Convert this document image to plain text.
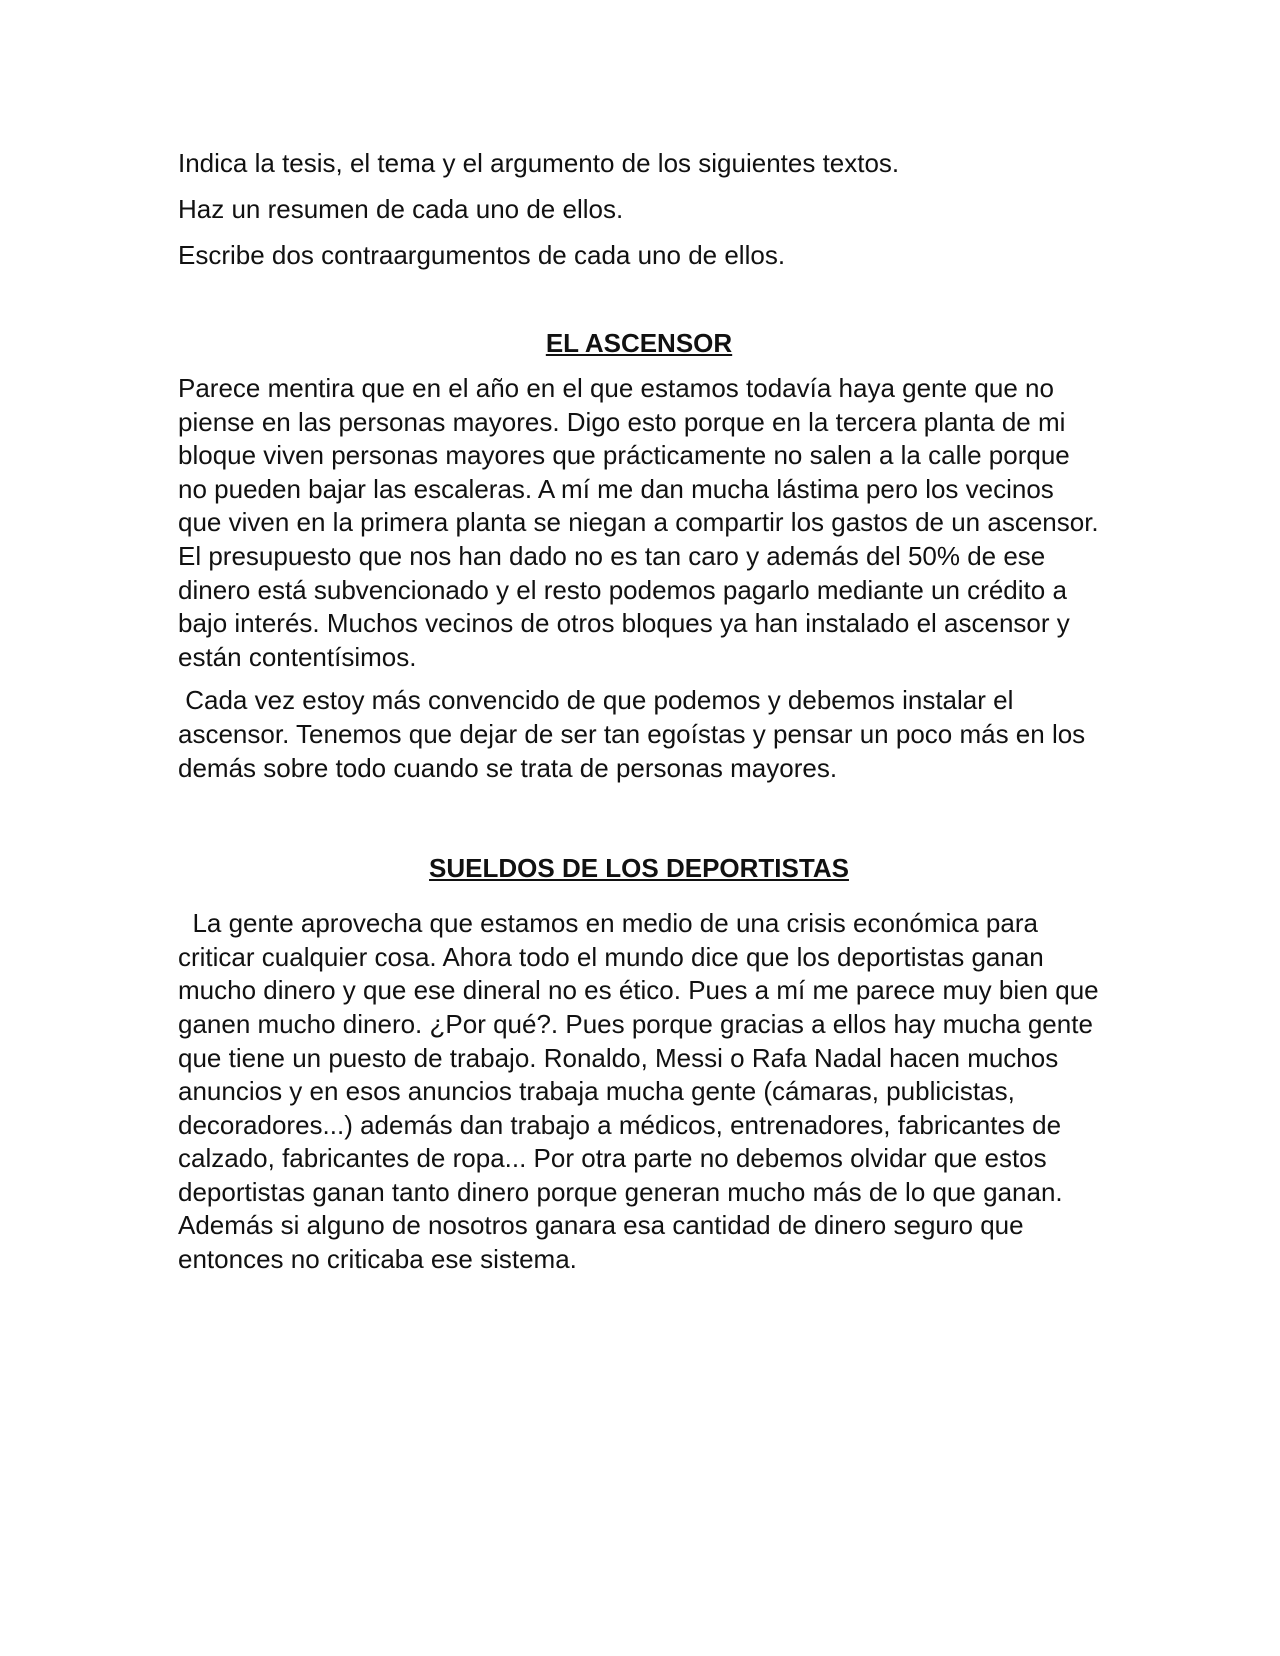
Indica la tesis, el tema y el argumento de los siguientes textos.

Haz un resumen de cada uno de ellos.

Escribe dos contraargumentos de cada uno de ellos.

EL ASCENSOR

Parece mentira que en el año en el que estamos todavía haya gente que no piense en las personas mayores. Digo esto porque en la tercera planta de mi bloque viven personas mayores que prácticamente no salen a la calle porque no pueden bajar las escaleras. A mí me dan mucha lástima pero los vecinos que viven en la primera planta se niegan a compartir los gastos de un ascensor. El presupuesto que nos han dado no es tan caro y además del 50% de ese dinero está subvencionado y el resto podemos pagarlo mediante un crédito a bajo interés. Muchos vecinos de otros bloques ya han instalado el ascensor y están contentísimos.

Cada vez estoy más convencido de que podemos y debemos instalar el ascensor. Tenemos que dejar de ser tan egoístas y pensar un poco más en los demás sobre todo cuando se trata de personas mayores.

SUELDOS DE LOS DEPORTISTAS

La gente aprovecha que estamos en medio de una crisis económica para criticar cualquier cosa. Ahora todo el mundo dice que los deportistas ganan mucho dinero y que ese dineral no es ético. Pues a mí me parece muy bien que ganen mucho dinero. ¿Por qué?. Pues porque gracias a ellos hay mucha gente que tiene un puesto de trabajo. Ronaldo, Messi o Rafa Nadal hacen muchos anuncios y en esos anuncios trabaja mucha gente (cámaras, publicistas, decoradores...) además dan trabajo a médicos, entrenadores, fabricantes de calzado, fabricantes de ropa... Por otra parte no debemos olvidar que estos deportistas ganan tanto dinero porque generan mucho más de lo que ganan. Además si alguno de nosotros ganara esa cantidad de dinero seguro que entonces no criticaba ese sistema.
